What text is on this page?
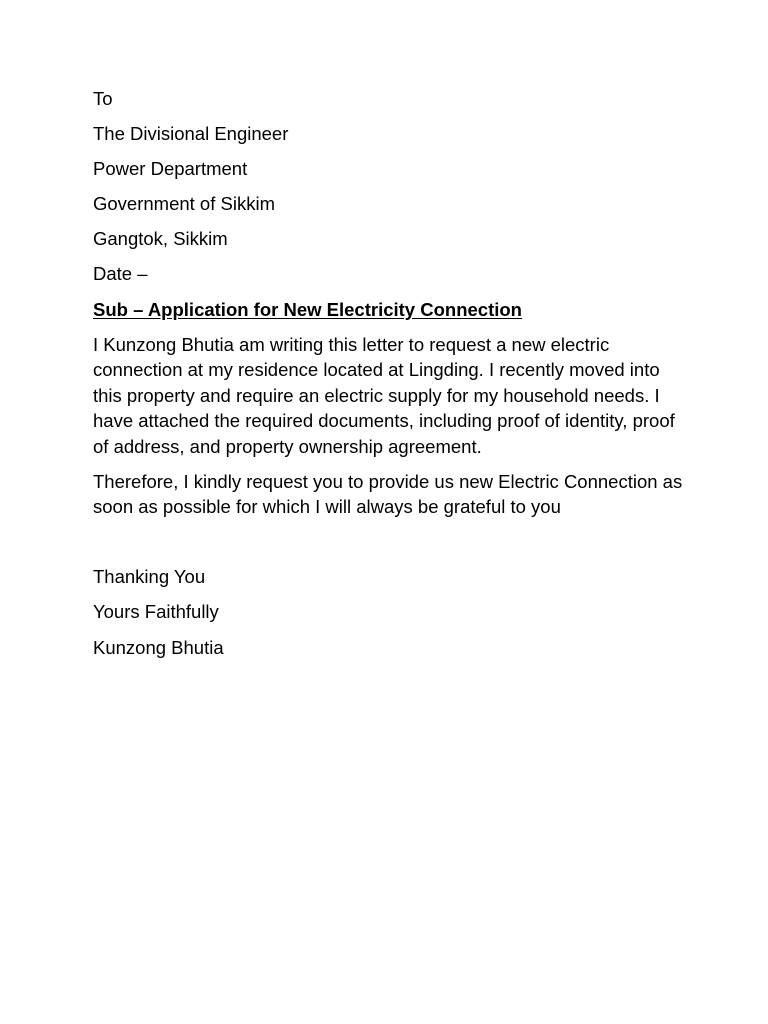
To
The Divisional Engineer
Power Department
Government of Sikkim
Gangtok, Sikkim
Date –
Sub – Application for New Electricity Connection
I Kunzong Bhutia am writing this letter to request a new electric connection at my residence located at Lingding. I recently moved into this property and require an electric supply for my household needs. I have attached the required documents, including proof of identity, proof of address, and property ownership agreement.
Therefore, I kindly request you to provide us new Electric Connection as soon as possible for which I will always be grateful to you
Thanking You
Yours Faithfully
Kunzong Bhutia
